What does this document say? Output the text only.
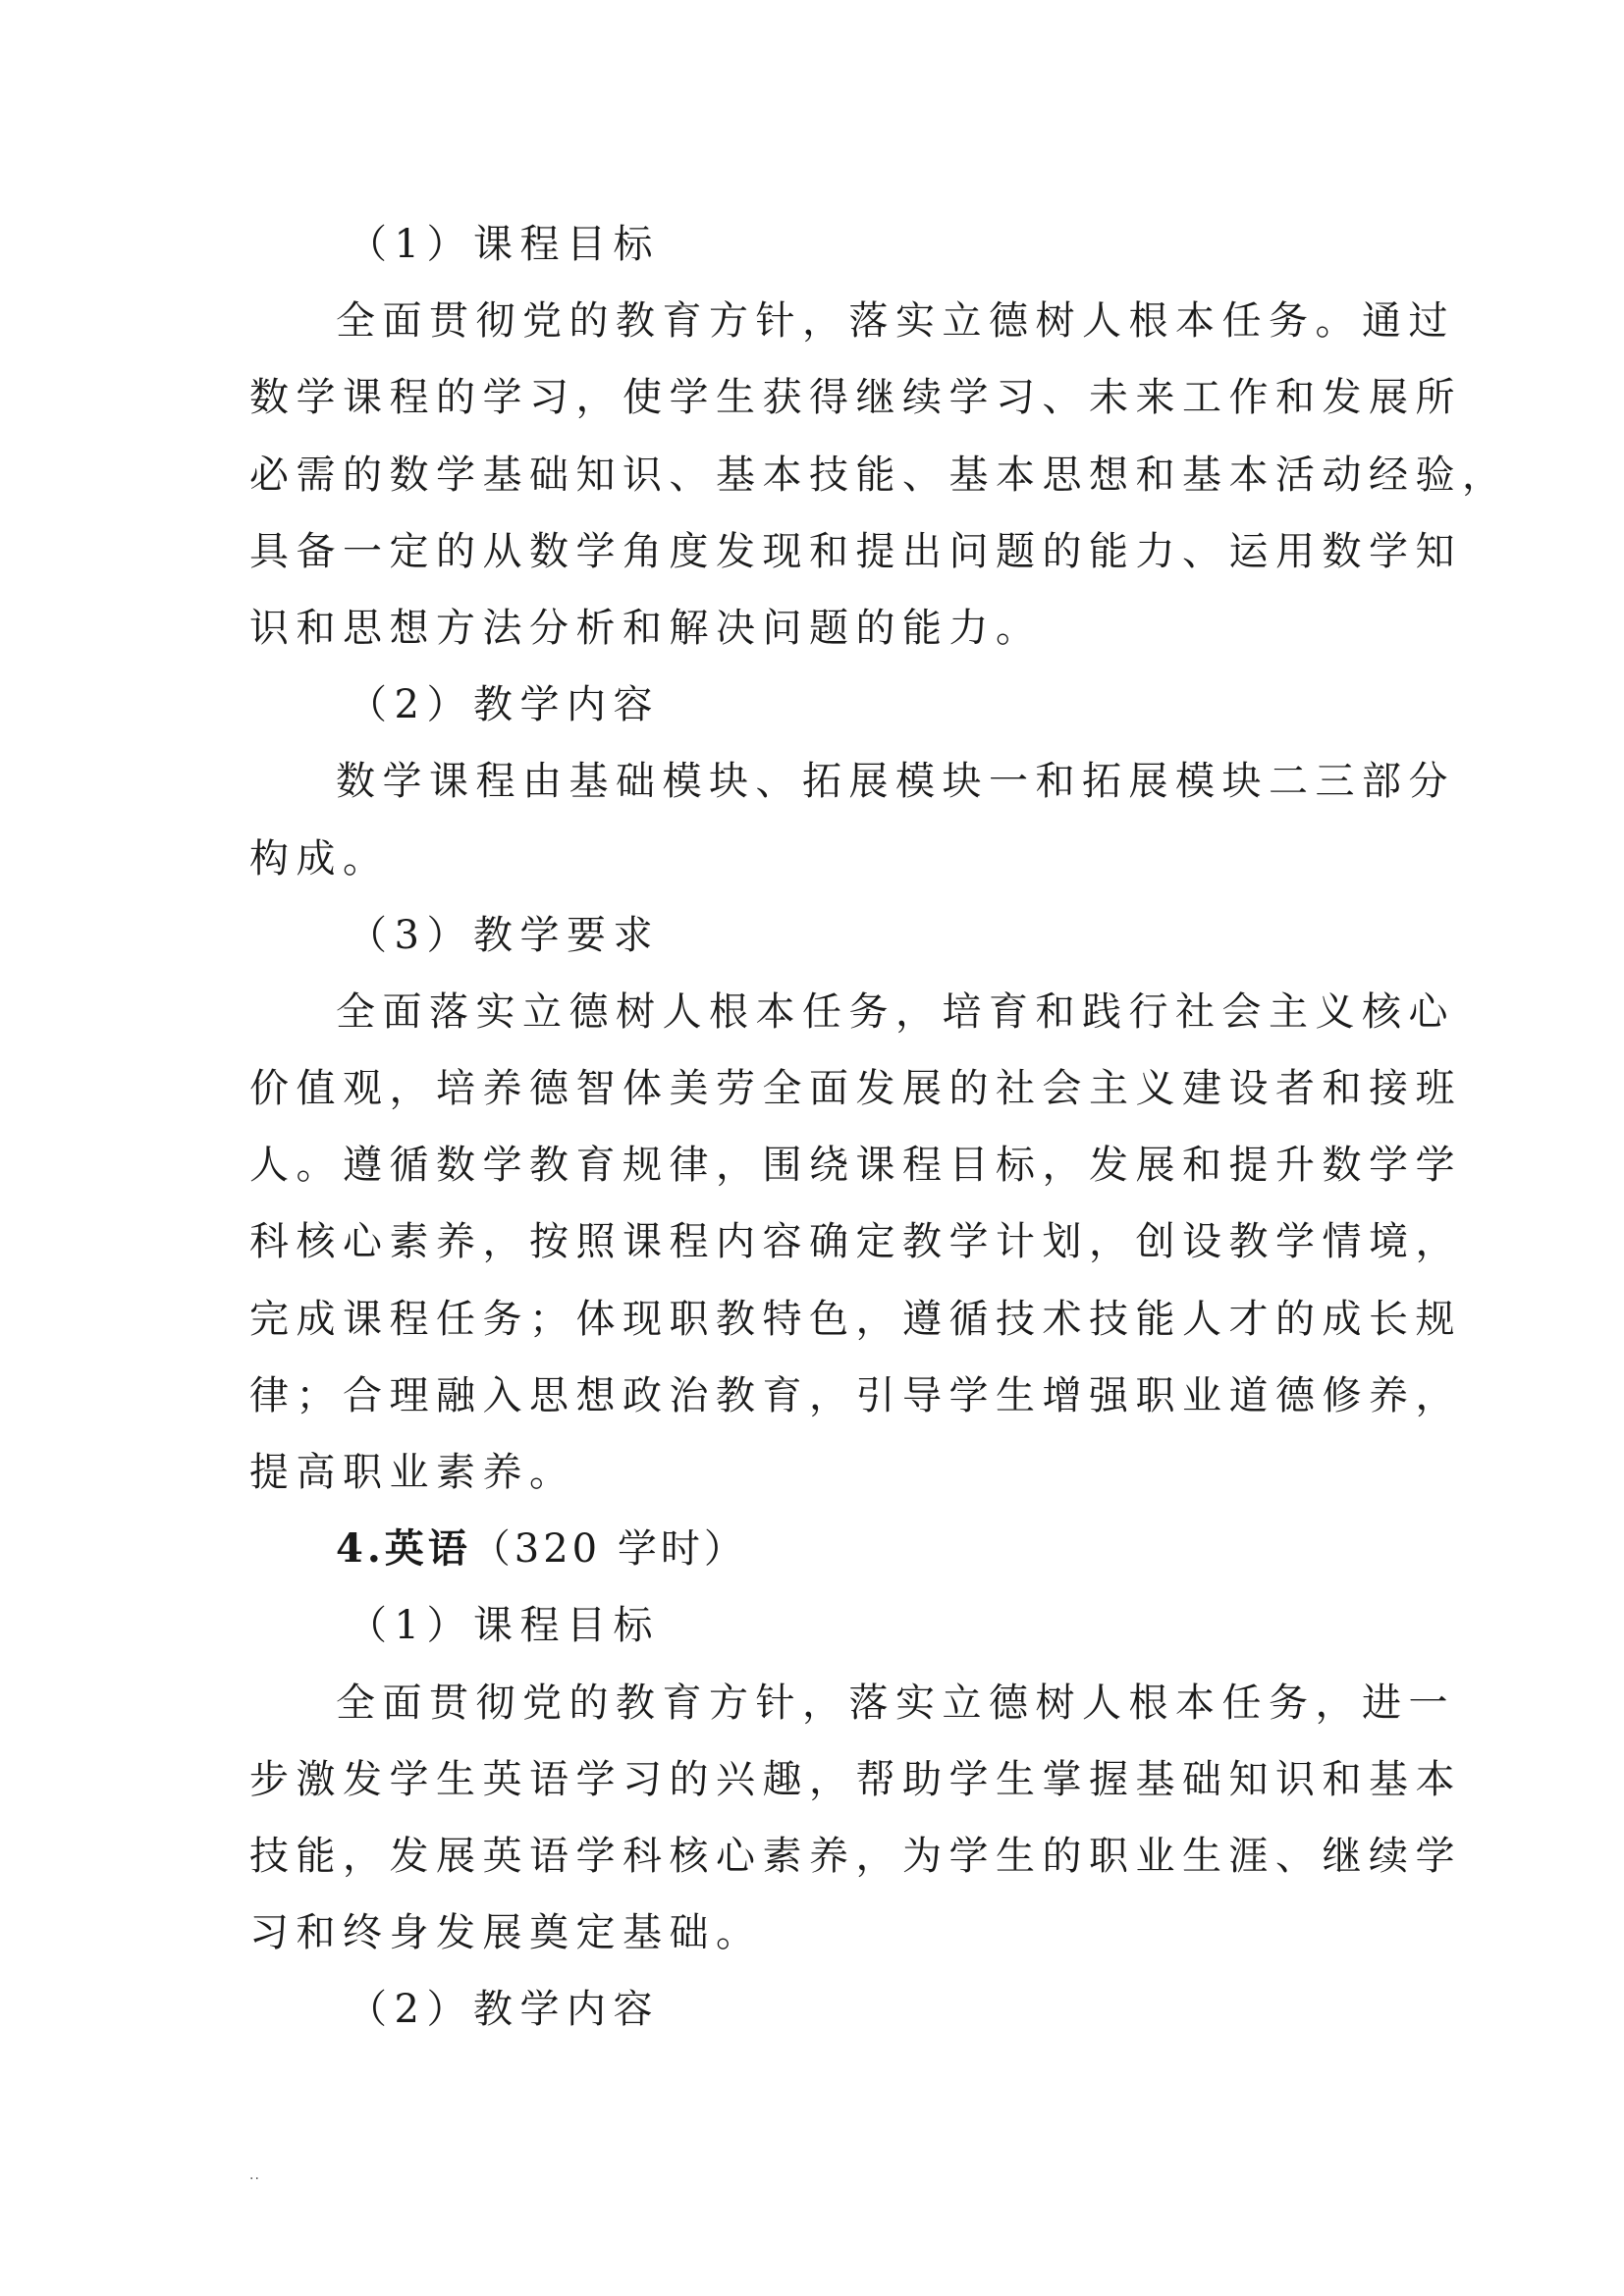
（1）课程目标
全面贯彻党的教育方针，落实立德树人根本任务。通过
数学课程的学习，使学生获得继续学习、未来工作和发展所
必需的数学基础知识、基本技能、基本思想和基本活动经验，
具备一定的从数学角度发现和提出问题的能力、运用数学知
识和思想方法分析和解决问题的能力。
（2）教学内容
数学课程由基础模块、拓展模块一和拓展模块二三部分
构成。
（3）教学要求
全面落实立德树人根本任务，培育和践行社会主义核心
价值观，培养德智体美劳全面发展的社会主义建设者和接班
人。遵循数学教育规律，围绕课程目标，发展和提升数学学
科核心素养，按照课程内容确定教学计划，创设教学情境，
完成课程任务；体现职教特色，遵循技术技能人才的成长规
律；合理融入思想政治教育，引导学生增强职业道德修养，
提高职业素养。
4.英语（320 学时）
（1）课程目标
全面贯彻党的教育方针，落实立德树人根本任务，进一
步激发学生英语学习的兴趣，帮助学生掌握基础知识和基本
技能，发展英语学科核心素养，为学生的职业生涯、继续学
习和终身发展奠定基础。
（2）教学内容
..
